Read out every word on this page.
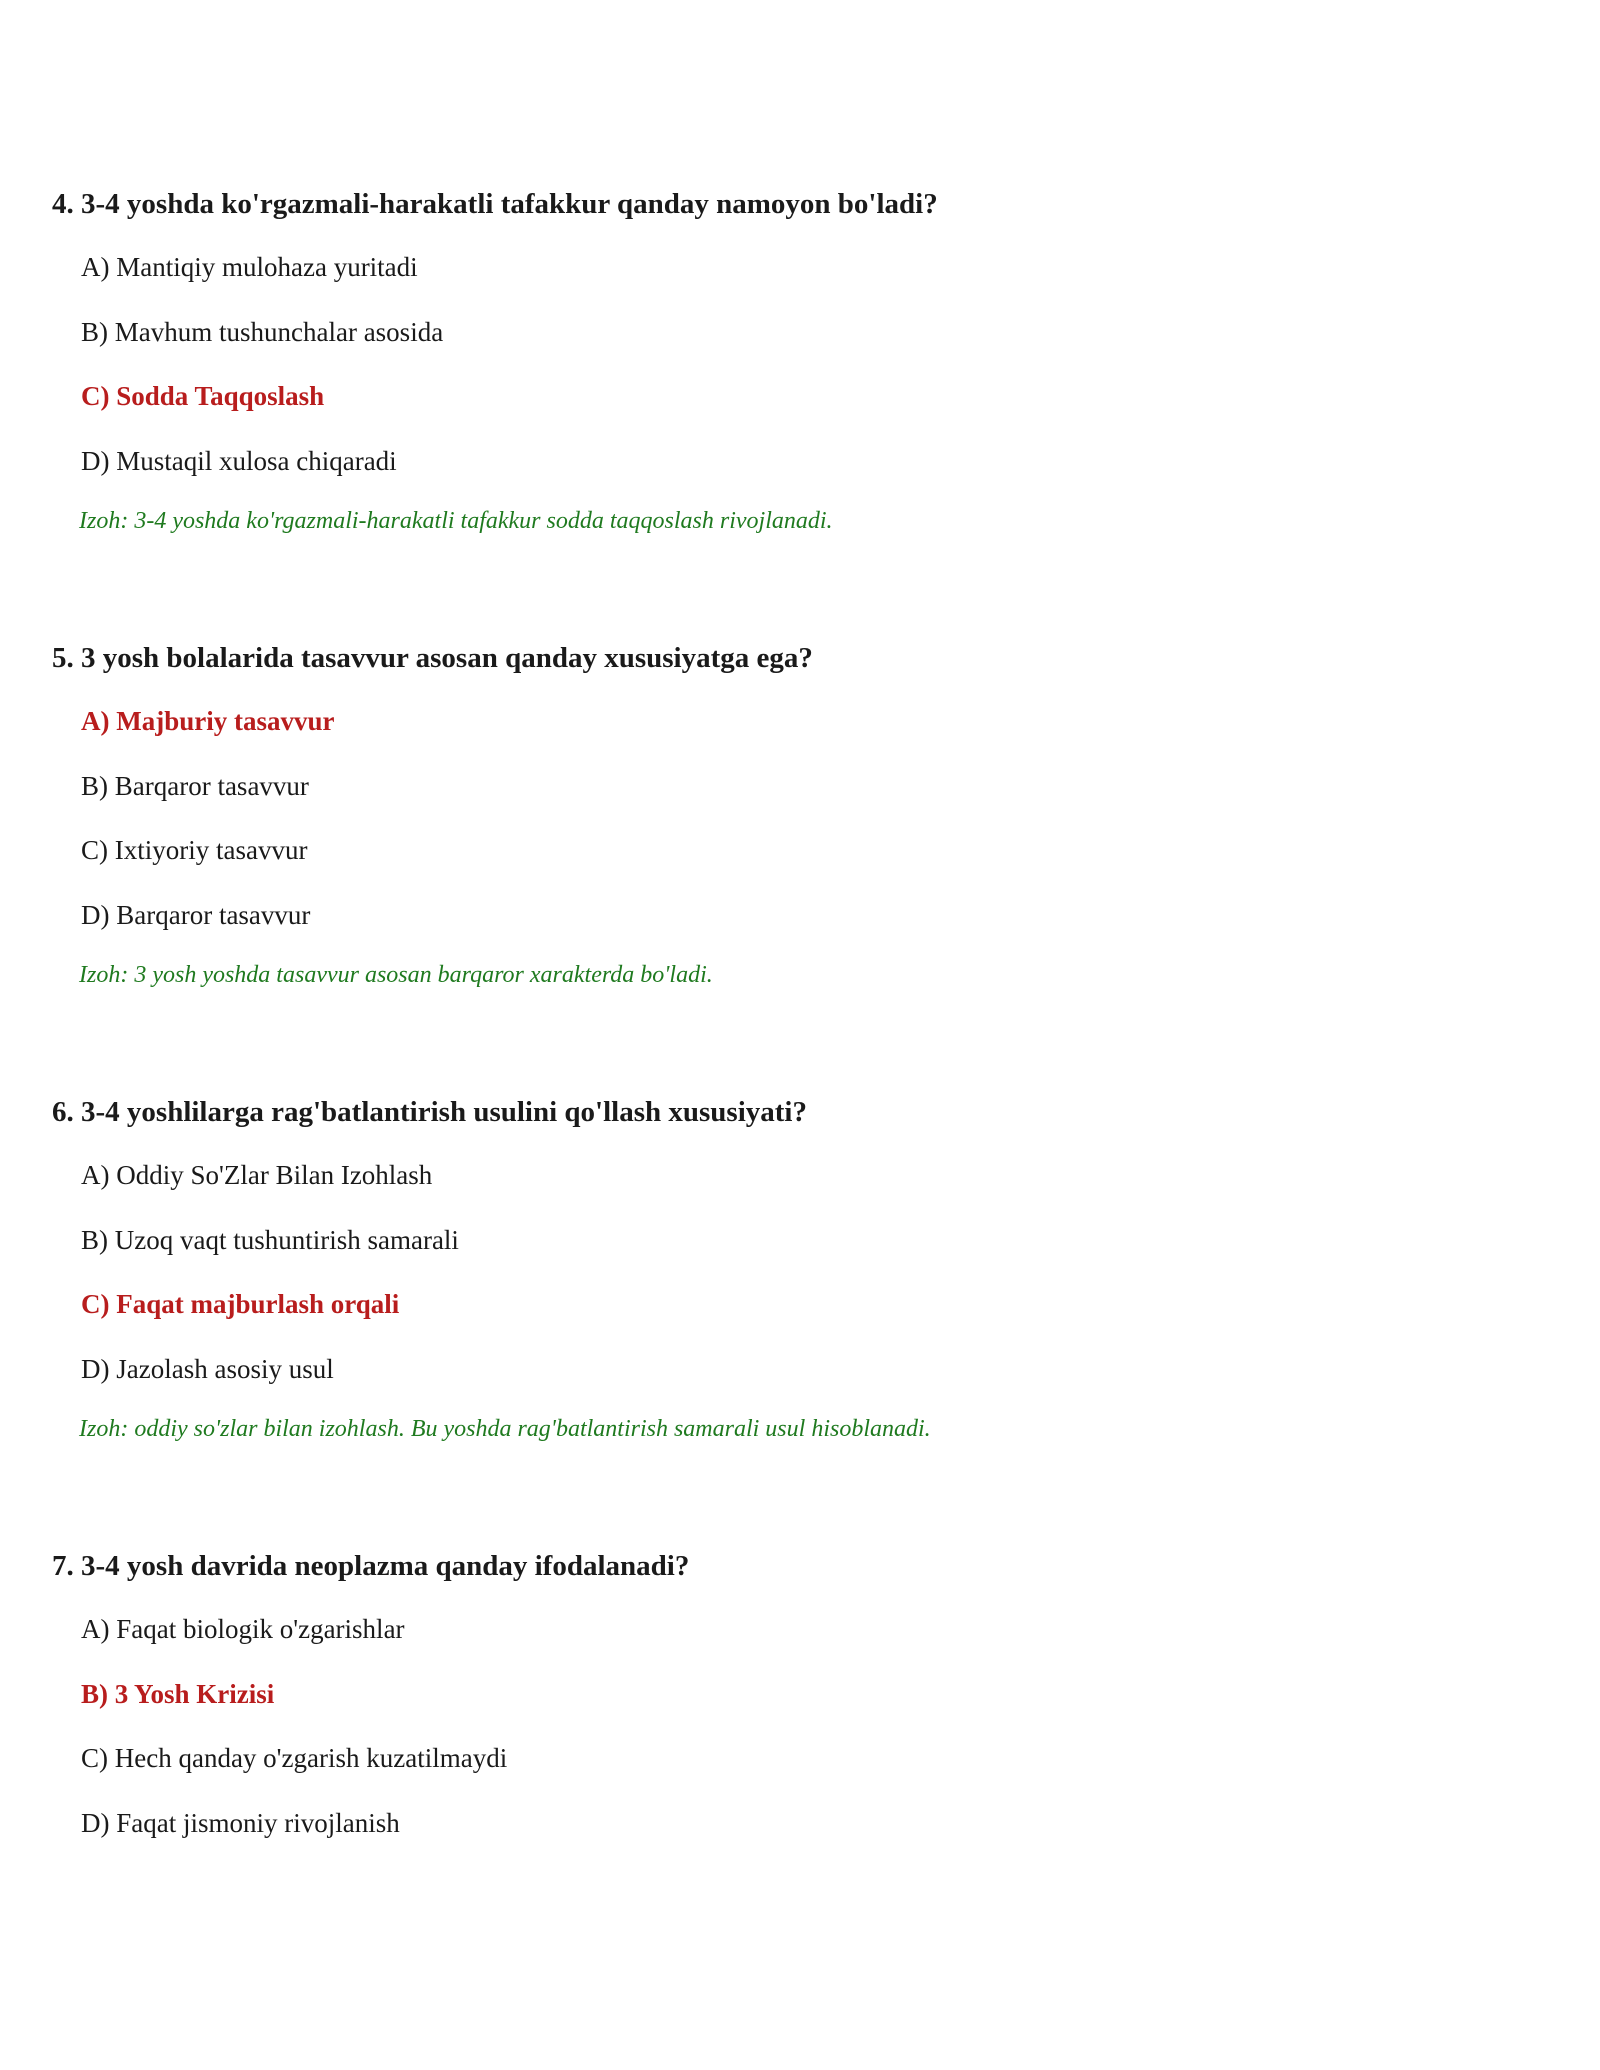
4. 3-4 yoshda ko'rgazmali-harakatli tafakkur qanday namoyon bo'ladi?

A) Mantiqiy mulohaza yuritadi
B) Mavhum tushunchalar asosida
C) Sodda Taqqoslash
D) Mustaqil xulosa chiqaradi

Izoh: 3-4 yoshda ko'rgazmali-harakatli tafakkur sodda taqqoslash rivojlanadi.

5. 3 yosh bolalarida tasavvur asosan qanday xususiyatga ega?

A) Majburiy tasavvur
B) Barqaror tasavvur
C) Ixtiyoriy tasavvur
D) Barqaror tasavvur

Izoh: 3 yosh yoshda tasavvur asosan barqaror xarakterda bo'ladi.

6. 3-4 yoshlilarga rag'batlantirish usulini qo'llash xususiyati?

A) Oddiy So'Zlar Bilan Izohlash
B) Uzoq vaqt tushuntirish samarali
C) Faqat majburlash orqali
D) Jazolash asosiy usul

Izoh: oddiy so'zlar bilan izohlash. Bu yoshda rag'batlantirish samarali usul hisoblanadi.

7. 3-4 yosh davrida neoplazma qanday ifodalanadi?

A) Faqat biologik o'zgarishlar
B) 3 Yosh Krizisi
C) Hech qanday o'zgarish kuzatilmaydi
D) Faqat jismoniy rivojlanish
